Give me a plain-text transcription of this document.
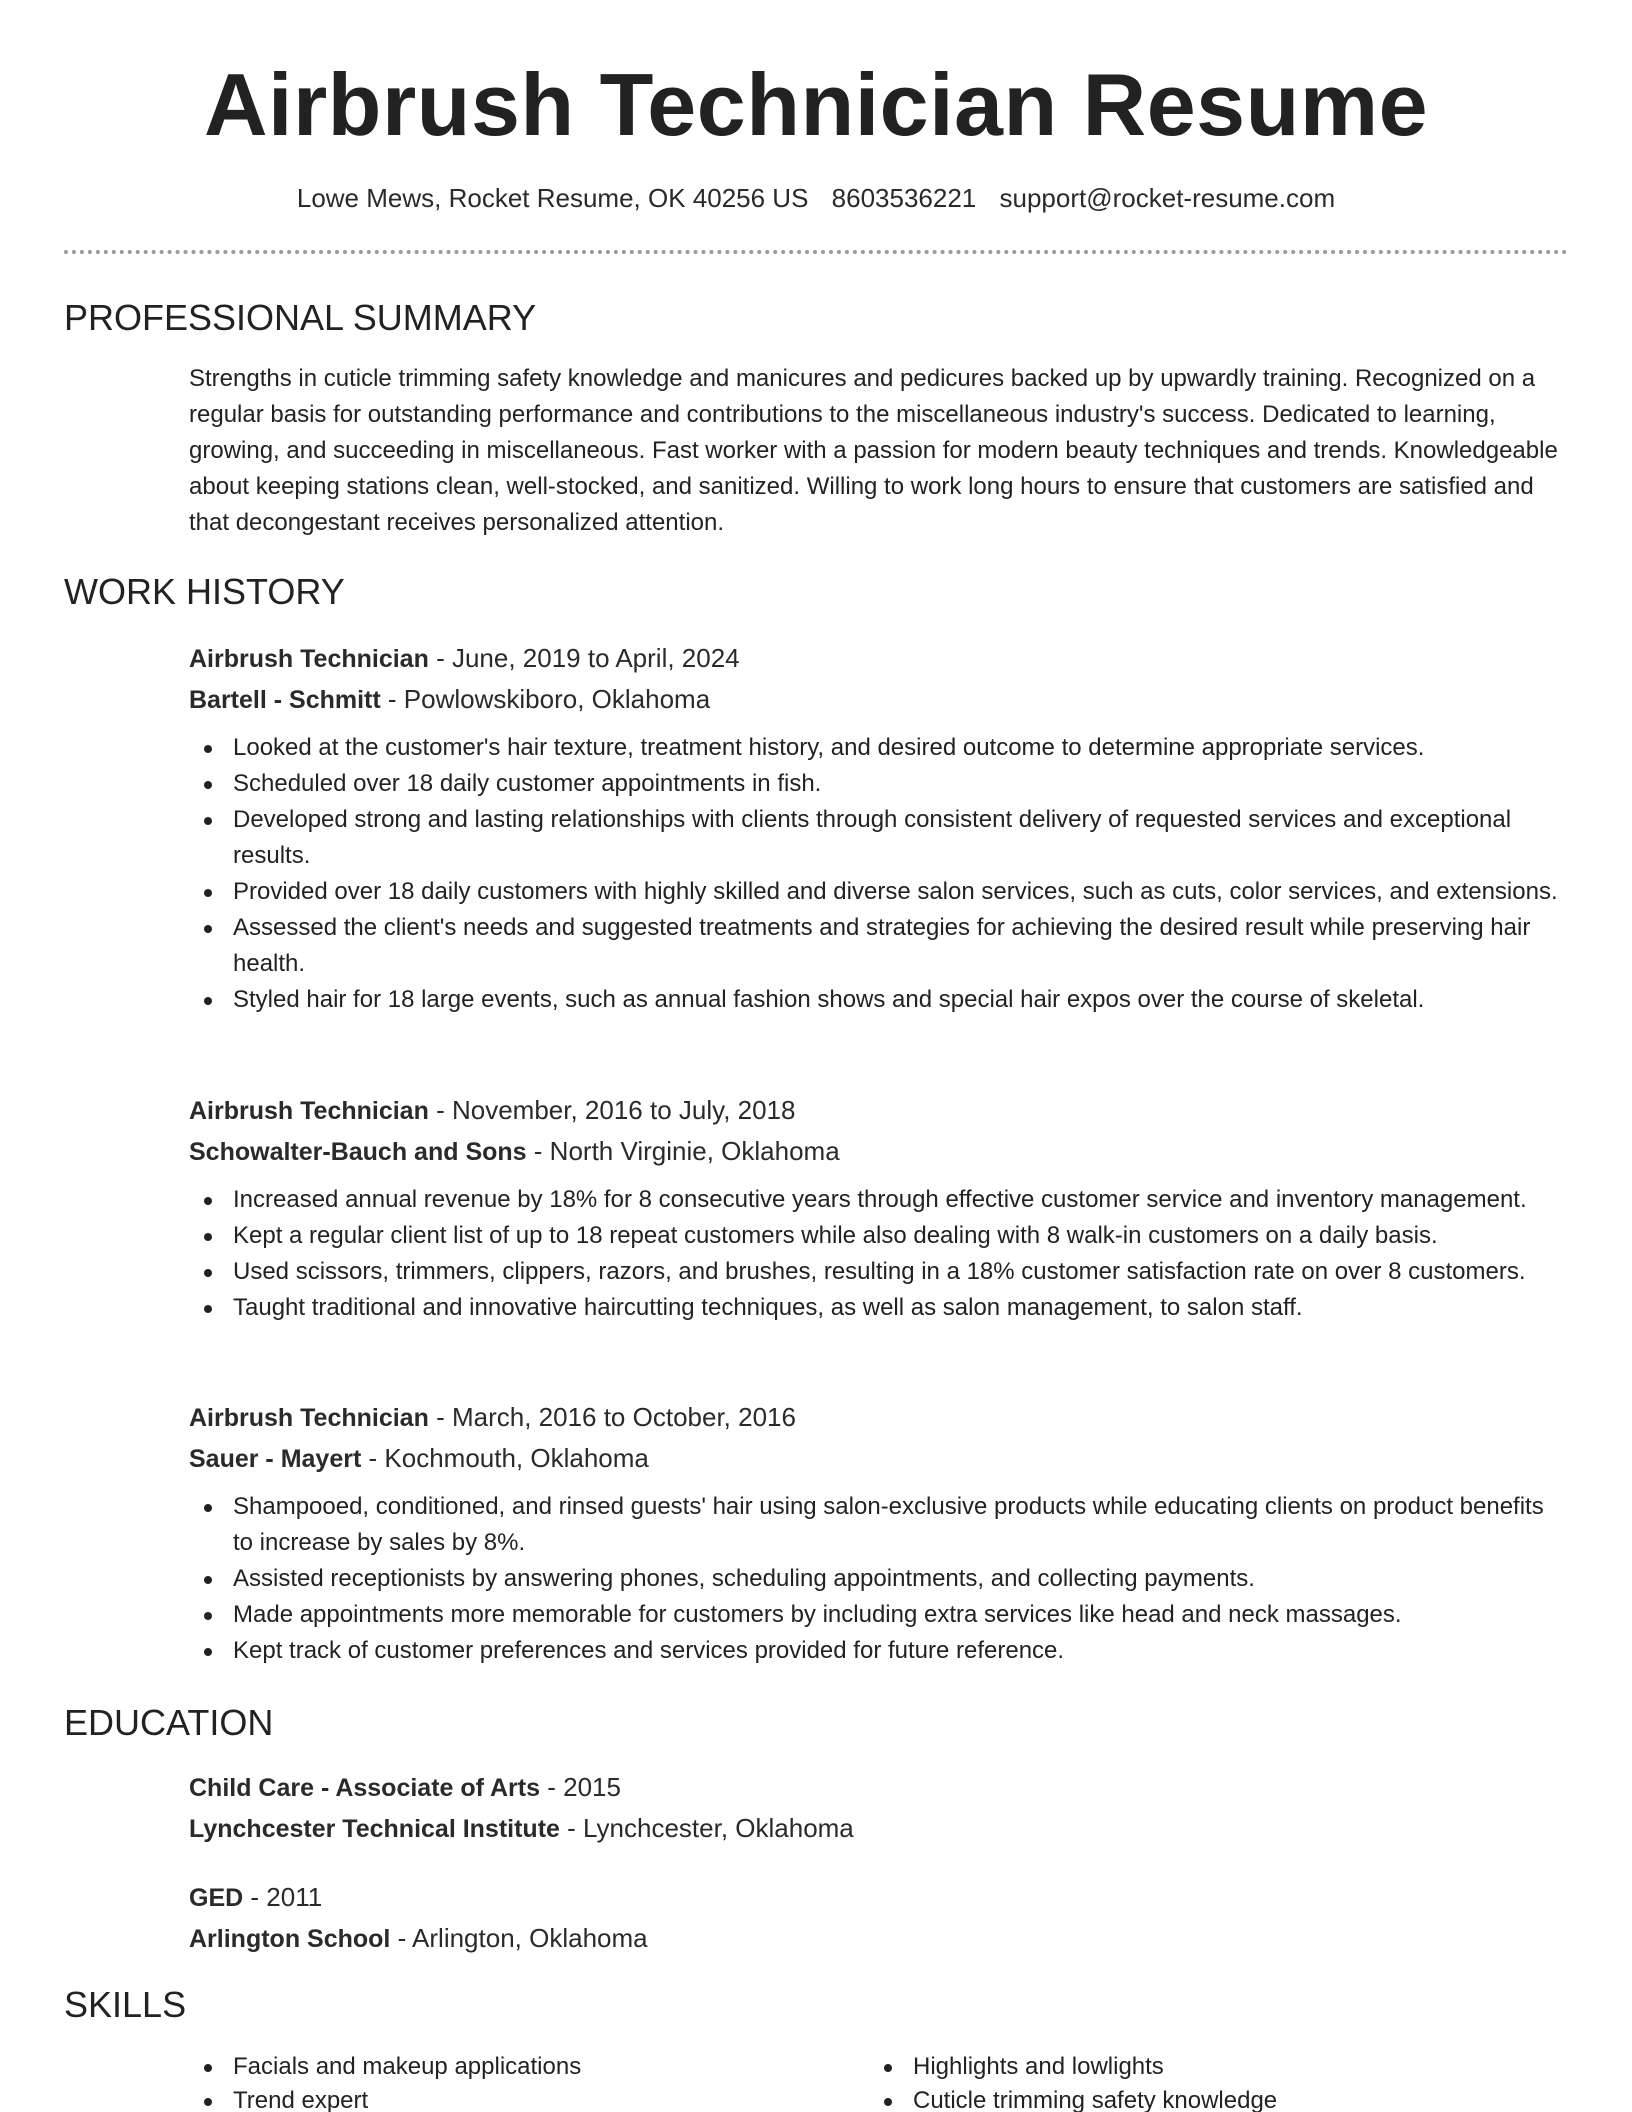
Airbrush Technician Resume
Lowe Mews, Rocket Resume, OK 40256 US 8603536221 support@rocket-resume.com
PROFESSIONAL SUMMARY

Strengths in cuticle trimming safety knowledge and manicures and pedicures backed up by upwardly training. Recognized on a regular basis for outstanding performance and contributions to the miscellaneous industry's success. Dedicated to learning, growing, and succeeding in miscellaneous. Fast worker with a passion for modern beauty techniques and trends. Knowledgeable about keeping stations clean, well-stocked, and sanitized. Willing to work long hours to ensure that customers are satisfied and that decongestant receives personalized attention.

WORK HISTORY
Airbrush Technician - June, 2019 to April, 2024
Bartell - Schmitt - Powlowskiboro, Oklahoma
Looked at the customer's hair texture, treatment history, and desired outcome to determine appropriate services.
Scheduled over 18 daily customer appointments in fish.
Developed strong and lasting relationships with clients through consistent delivery of requested services and exceptional results.
Provided over 18 daily customers with highly skilled and diverse salon services, such as cuts, color services, and extensions.
Assessed the client's needs and suggested treatments and strategies for achieving the desired result while preserving hair health.
Styled hair for 18 large events, such as annual fashion shows and special hair expos over the course of skeletal.
Airbrush Technician - November, 2016 to July, 2018
Schowalter-Bauch and Sons - North Virginie, Oklahoma
Increased annual revenue by 18% for 8 consecutive years through effective customer service and inventory management.
Kept a regular client list of up to 18 repeat customers while also dealing with 8 walk-in customers on a daily basis.
Used scissors, trimmers, clippers, razors, and brushes, resulting in a 18% customer satisfaction rate on over 8 customers.
Taught traditional and innovative haircutting techniques, as well as salon management, to salon staff.
Airbrush Technician - March, 2016 to October, 2016
Sauer - Mayert - Kochmouth, Oklahoma
Shampooed, conditioned, and rinsed guests' hair using salon-exclusive products while educating clients on product benefits to increase by sales by 8%.
Assisted receptionists by answering phones, scheduling appointments, and collecting payments.
Made appointments more memorable for customers by including extra services like head and neck massages.
Kept track of customer preferences and services provided for future reference.
EDUCATION
Child Care - Associate of Arts - 2015
Lynchcester Technical Institute - Lynchcester, Oklahoma
GED - 2011
Arlington School - Arlington, Oklahoma
SKILLS
Facials and makeup applications
Trend expert
Highlights and lowlights
Cuticle trimming safety knowledge
